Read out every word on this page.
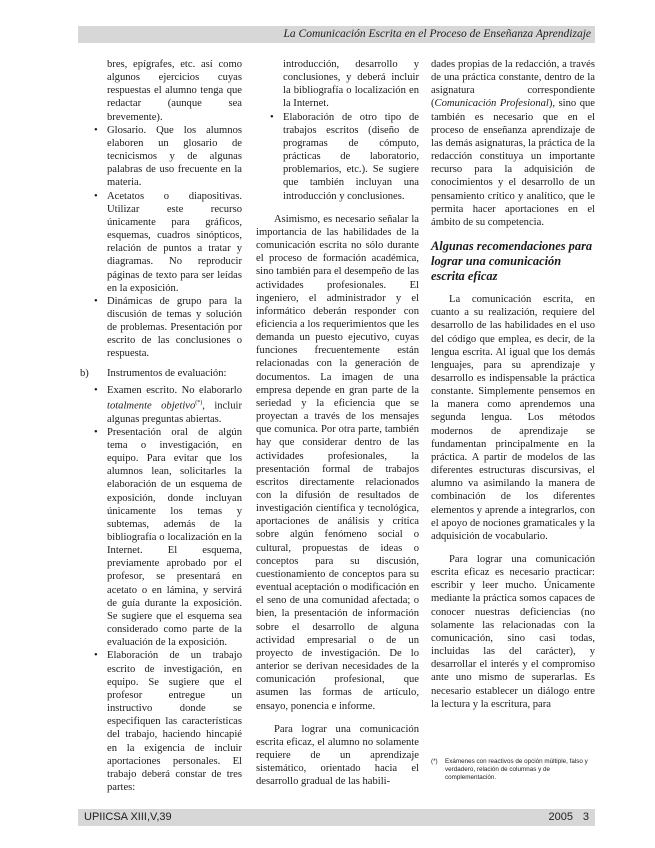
La Comunicación Escrita en el Proceso de Enseñanza Aprendizaje

bres, epígrafes, etc. así como algunos ejercicios cuyas respuestas el alumno tenga que redactar (aunque sea brevemente).

• Glosario. Que los alumnos elaboren un glosario de tecnicismos y de algunas palabras de uso frecuente en la materia.
• Acetatos o diapositivas. Utilizar este recurso únicamente para gráficos, esquemas, cuadros sinópticos, relación de puntos a tratar y diagramas. No reproducir páginas de texto para ser leídas en la exposición.
• Dinámicas de grupo para la discusión de temas y solución de problemas. Presentación por escrito de las conclusiones o respuesta.

b) Instrumentos de evaluación:

• Examen escrito. No elaborarlo totalmente objetivo(*), incluir algunas preguntas abiertas.
• Presentación oral de algún tema o investigación, en equipo. Para evitar que los alumnos lean, solicitarles la elaboración de un esquema de exposición, donde incluyan únicamente los temas y subtemas, además de la bibliografía o localización en la Internet. El esquema, previamente aprobado por el profesor, se presentará en acetato o en lámina, y servirá de guía durante la exposición. Se sugiere que el esquema sea considerado como parte de la evaluación de la exposición.
• Elaboración de un trabajo escrito de investigación, en equipo. Se sugiere que el profesor entregue un instructivo donde se especifiquen las características del trabajo, haciendo hincapié en la exigencia de incluir aportaciones personales. El trabajo deberá constar de tres partes:

introducción, desarrollo y conclusiones, y deberá incluir la bibliografía o localización en la Internet.

• Elaboración de otro tipo de trabajos escritos (diseño de programas de cómputo, prácticas de laboratorio, problemarios, etc.). Se sugiere que también incluyan una introducción y conclusiones.

Asimismo, es necesario señalar la importancia de las habilidades de la comunicación escrita no sólo durante el proceso de formación académica, sino también para el desempeño de las actividades profesionales. El ingeniero, el administrador y el informático deberán responder con eficiencia a los requerimientos que les demanda un puesto ejecutivo, cuyas funciones frecuentemente están relacionadas con la generación de documentos. La imagen de una empresa depende en gran parte de la seriedad y la eficiencia que se proyectan a través de los mensajes que comunica. Por otra parte, también hay que considerar dentro de las actividades profesionales, la presentación formal de trabajos escritos directamente relacionados con la difusión de resultados de investigación científica y tecnológica, aportaciones de análisis y crítica sobre algún fenómeno social o cultural, propuestas de ideas o conceptos para su discusión, cuestionamiento de conceptos para su eventual aceptación o modificación en el seno de una comunidad afectada; o bien, la presentación de información sobre el desarrollo de alguna actividad empresarial o de un proyecto de investigación. De lo anterior se derivan necesidades de la comunicación profesional, que asumen las formas de artículo, ensayo, ponencia e informe.

Para lograr una comunicación escrita eficaz, el alumno no solamente requiere de un aprendizaje sistemático, orientado hacia el desarrollo gradual de las habili-

dades propias de la redacción, a través de una práctica constante, dentro de la asignatura correspondiente (Comunicación Profesional), sino que también es necesario que en el proceso de enseñanza aprendizaje de las demás asignaturas, la práctica de la redacción constituya un importante recurso para la adquisición de conocimientos y el desarrollo de un pensamiento crítico y analítico, que le permita hacer aportaciones en el ámbito de su competencia.

Algunas recomendaciones para lograr una comunicación escrita eficaz

La comunicación escrita, en cuanto a su realización, requiere del desarrollo de las habilidades en el uso del código que emplea, es decir, de la lengua escrita. Al igual que los demás lenguajes, para su aprendizaje y desarrollo es indispensable la práctica constante. Simplemente pensemos en la manera como aprendemos una segunda lengua. Los métodos modernos de aprendizaje se fundamentan principalmente en la práctica. A partir de modelos de las diferentes estructuras discursivas, el alumno va asimilando la manera de combinación de los diferentes elementos y aprende a integrarlos, con el apoyo de nociones gramaticales y la adquisición de vocabulario.

Para lograr una comunicación escrita eficaz es necesario practicar: escribir y leer mucho. Únicamente mediante la práctica somos capaces de conocer nuestras deficiencias (no solamente las relacionadas con la comunicación, sino casi todas, incluidas las del carácter), y desarrollar el interés y el compromiso ante uno mismo de superarlas. Es necesario establecer un diálogo entre la lectura y la escritura, para

(*) Exámenes con reactivos de opción múltiple, falso y verdadero, relación de columnas y de complementación.
UPIICSA XIII,V,39	2005 3
